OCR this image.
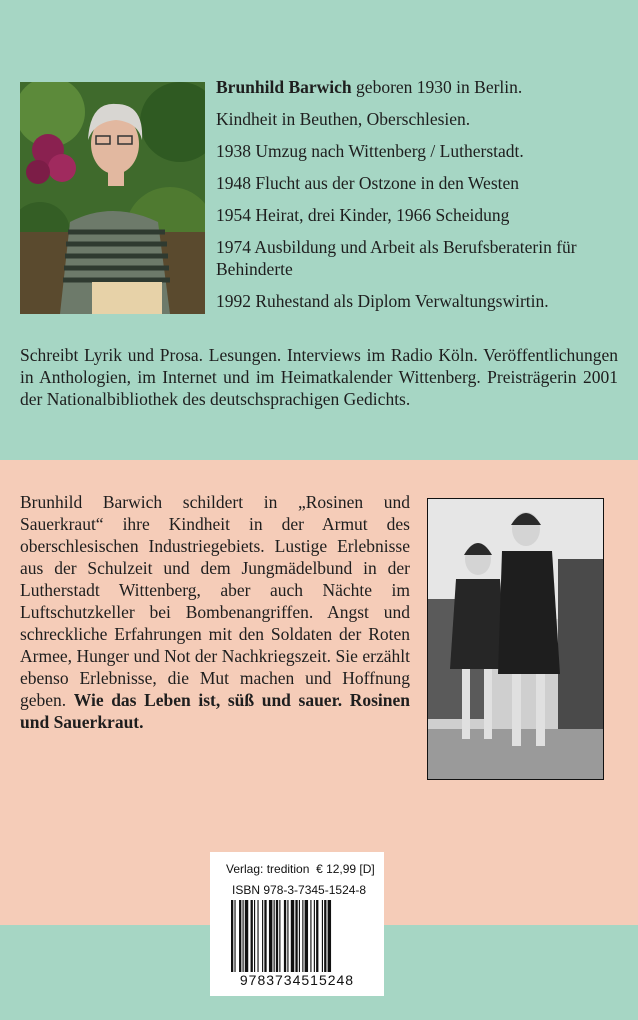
Brunhild Barwich geboren 1930 in Berlin.

Kindheit in Beuthen, Oberschlesien.

1938 Umzug nach Wittenberg / Lutherstadt.

1948 Flucht aus der Ostzone in den Westen

1954 Heirat, drei Kinder, 1966 Scheidung

1974 Ausbildung und Arbeit als Berufsberaterin für Behinderte

1992 Ruhestand als Diplom Verwaltungswirtin.

Schreibt Lyrik und Prosa. Lesungen. Interviews im Radio Köln. Veröffentlichungen in Anthologien, im Internet und im Heimatkalender Wittenberg. Preisträgerin 2001 der Nationalbibliothek des deutschsprachigen Gedichts.
Brunhild Barwich schildert in „Rosinen und Sauerkraut“ ihre Kindheit in der Armut des oberschlesischen Industriegebiets. Lustige Erlebnisse aus der Schulzeit und dem Jungmädelbund in der Lutherstadt Wittenberg, aber auch Nächte im Luftschutzkeller bei Bombenangriffen. Angst und schreckliche Erfahrungen mit den Soldaten der Roten Armee, Hunger und Not der Nachkriegszeit. Sie erzählt ebenso Erlebnisse, die Mut machen und Hoffnung geben. Wie das Leben ist, süß und sauer. Rosinen und Sauerkraut.
Verlag: tredition € 12,99 [D]
ISBN 978-3-7345-1524-8
9783734515248
